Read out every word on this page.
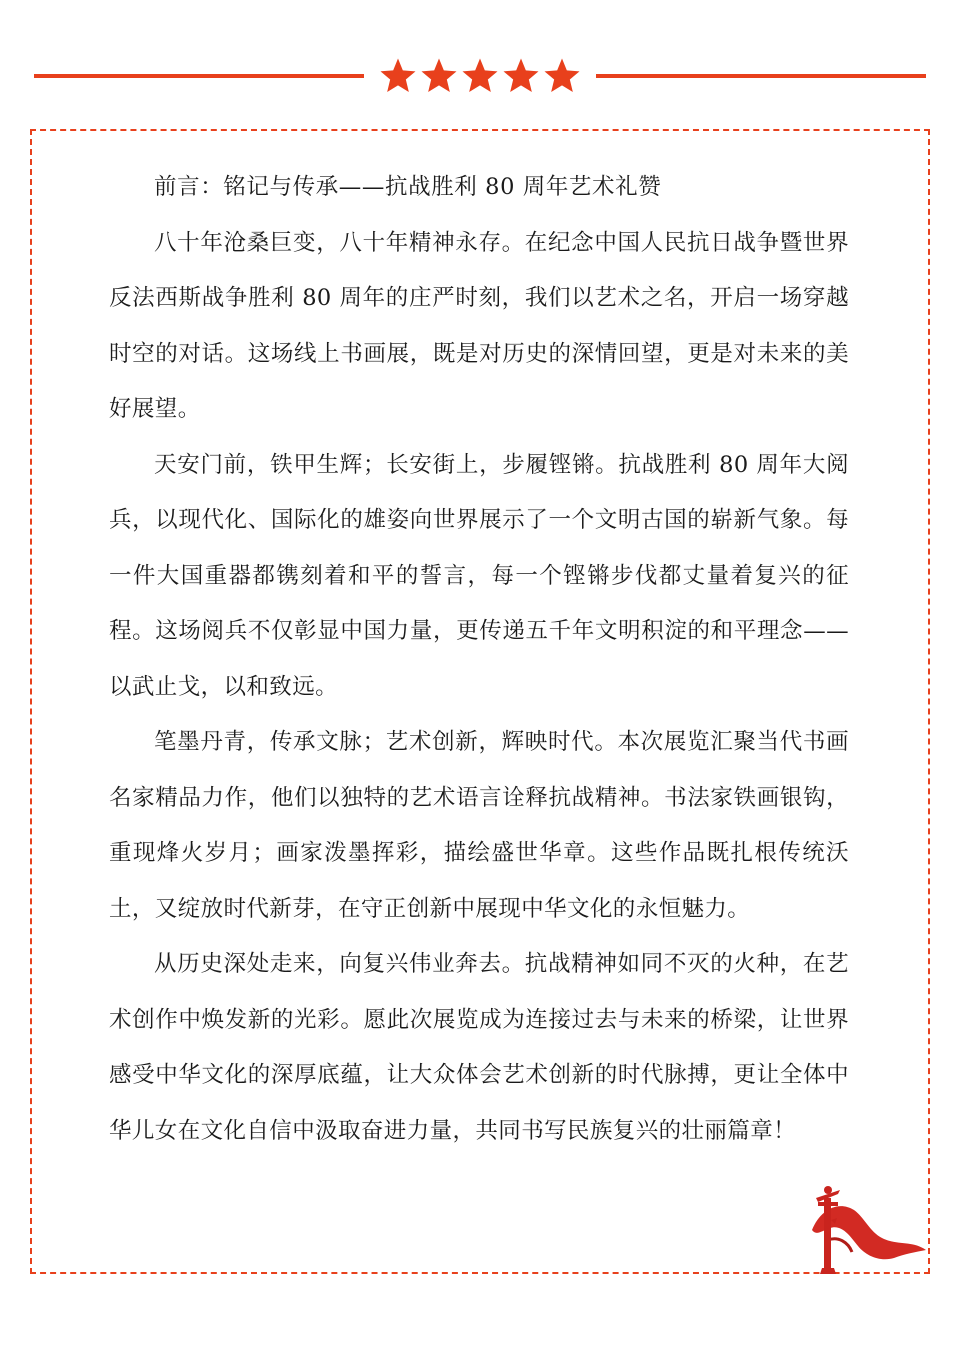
前言：铭记与传承——抗战胜利 80 周年艺术礼赞

八十年沧桑巨变，八十年精神永存。在纪念中国人民抗日战争暨世界反法西斯战争胜利 80 周年的庄严时刻，我们以艺术之名，开启一场穿越时空的对话。这场线上书画展，既是对历史的深情回望，更是对未来的美好展望。

天安门前，铁甲生辉；长安街上，步履铿锵。抗战胜利 80 周年大阅兵，以现代化、国际化的雄姿向世界展示了一个文明古国的崭新气象。每一件大国重器都镌刻着和平的誓言，每一个铿锵步伐都丈量着复兴的征程。这场阅兵不仅彰显中国力量，更传递五千年文明积淀的和平理念——以武止戈，以和致远。

笔墨丹青，传承文脉；艺术创新，辉映时代。本次展览汇聚当代书画名家精品力作，他们以独特的艺术语言诠释抗战精神。书法家铁画银钩，重现烽火岁月；画家泼墨挥彩，描绘盛世华章。这些作品既扎根传统沃土，又绽放时代新芽，在守正创新中展现中华文化的永恒魅力。

从历史深处走来，向复兴伟业奔去。抗战精神如同不灭的火种，在艺术创作中焕发新的光彩。愿此次展览成为连接过去与未来的桥梁，让世界感受中华文化的深厚底蕴，让大众体会艺术创新的时代脉搏，更让全体中华儿女在文化自信中汲取奋进力量，共同书写民族复兴的壮丽篇章！
